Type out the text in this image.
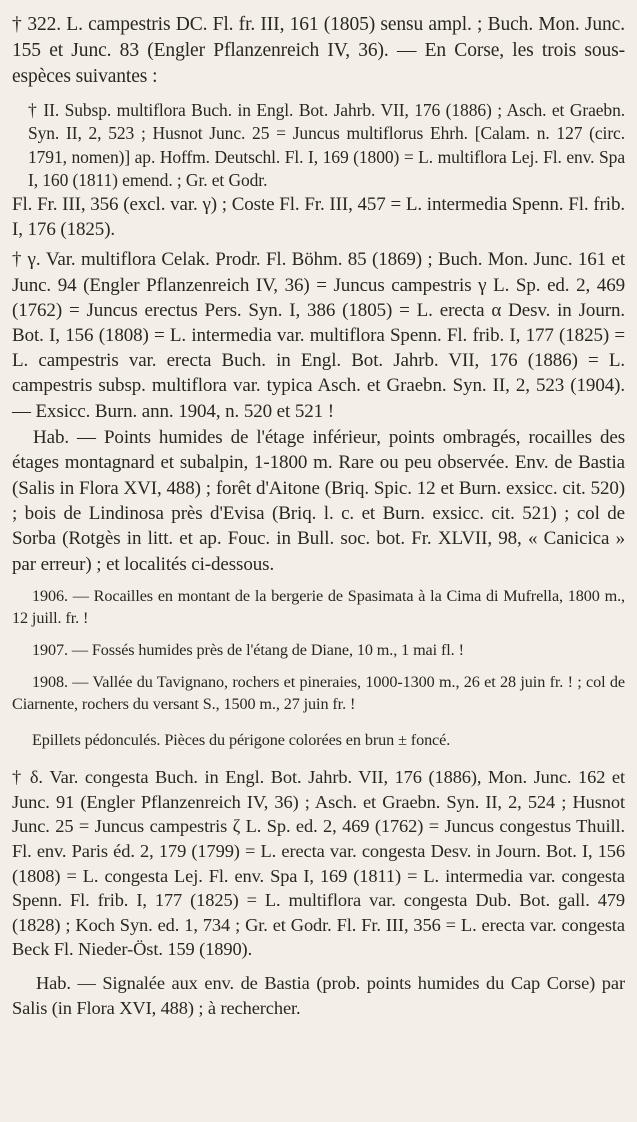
† 322. L. campestris DC. Fl. fr. III, 161 (1805) sensu ampl. ; Buch. Mon. Junc. 155 et Junc. 83 (Engler Pflanzenreich IV, 36). — En Corse, les trois sous-espèces suivantes :

† II. Subsp. multiflora Buch. in Engl. Bot. Jahrb. VII, 176 (1886) ; Asch. et Graebn. Syn. II, 2, 523 ; Husnot Junc. 25 = Juncus multiflorus Ehrh. [Calam. n. 127 (circ. 1791, nomen)] ap. Hoffm. Deutschl. Fl. I, 169 (1800) = L. multiflora Lej. Fl. env. Spa I, 160 (1811) emend. ; Gr. et Godr.

Fl. Fr. III, 356 (excl. var. γ) ; Coste Fl. Fr. III, 457 = L. intermedia Spenn. Fl. frib. I, 176 (1825).

† γ. Var. multiflora Celak. Prodr. Fl. Böhm. 85 (1869) ; Buch. Mon. Junc. 161 et Junc. 94 (Engler Pflanzenreich IV, 36) = Juncus campestris γ L. Sp. ed. 2, 469 (1762) = Juncus erectus Pers. Syn. I, 386 (1805) = L. erecta α Desv. in Journ. Bot. I, 156 (1808) = L. intermedia var. multiflora Spenn. Fl. frib. I, 177 (1825) = L. campestris var. erecta Buch. in Engl. Bot. Jahrb. VII, 176 (1886) = L. campestris subsp. multiflora var. typica Asch. et Graebn. Syn. II, 2, 523 (1904). — Exsicc. Burn. ann. 1904, n. 520 et 521 !

Hab. — Points humides de l'étage inférieur, points ombragés, rocailles des étages montagnard et subalpin, 1-1800 m. Rare ou peu observée. Env. de Bastia (Salis in Flora XVI, 488) ; forêt d'Aitone (Briq. Spic. 12 et Burn. exsicc. cit. 520) ; bois de Lindinosa près d'Evisa (Briq. l. c. et Burn. exsicc. cit. 521) ; col de Sorba (Rotgès in litt. et ap. Fouc. in Bull. soc. bot. Fr. XLVII, 98, « Canicica » par erreur) ; et localités ci-dessous.

1906. — Rocailles en montant de la bergerie de Spasimata à la Cima di Mufrella, 1800 m., 12 juill. fr. !

1907. — Fossés humides près de l'étang de Diane, 10 m., 1 mai fl. !

1908. — Vallée du Tavignano, rochers et pineraies, 1000-1300 m., 26 et 28 juin fr. ! ; col de Ciarnente, rochers du versant S., 1500 m., 27 juin fr. !

Epillets pédonculés. Pièces du périgone colorées en brun ± foncé.

† δ. Var. congesta Buch. in Engl. Bot. Jahrb. VII, 176 (1886), Mon. Junc. 162 et Junc. 91 (Engler Pflanzenreich IV, 36) ; Asch. et Graebn. Syn. II, 2, 524 ; Husnot Junc. 25 = Juncus campestris ζ L. Sp. ed. 2, 469 (1762) = Juncus congestus Thuill. Fl. env. Paris éd. 2, 179 (1799) = L. erecta var. congesta Desv. in Journ. Bot. I, 156 (1808) = L. congesta Lej. Fl. env. Spa I, 169 (1811) = L. intermedia var. congesta Spenn. Fl. frib. I, 177 (1825) = L. multiflora var. congesta Dub. Bot. gall. 479 (1828) ; Koch Syn. ed. 1, 734 ; Gr. et Godr. Fl. Fr. III, 356 = L. erecta var. congesta Beck Fl. Nieder-Öst. 159 (1890).

Hab. — Signalée aux env. de Bastia (prob. points humides du Cap Corse) par Salis (in Flora XVI, 488) ; à rechercher.
